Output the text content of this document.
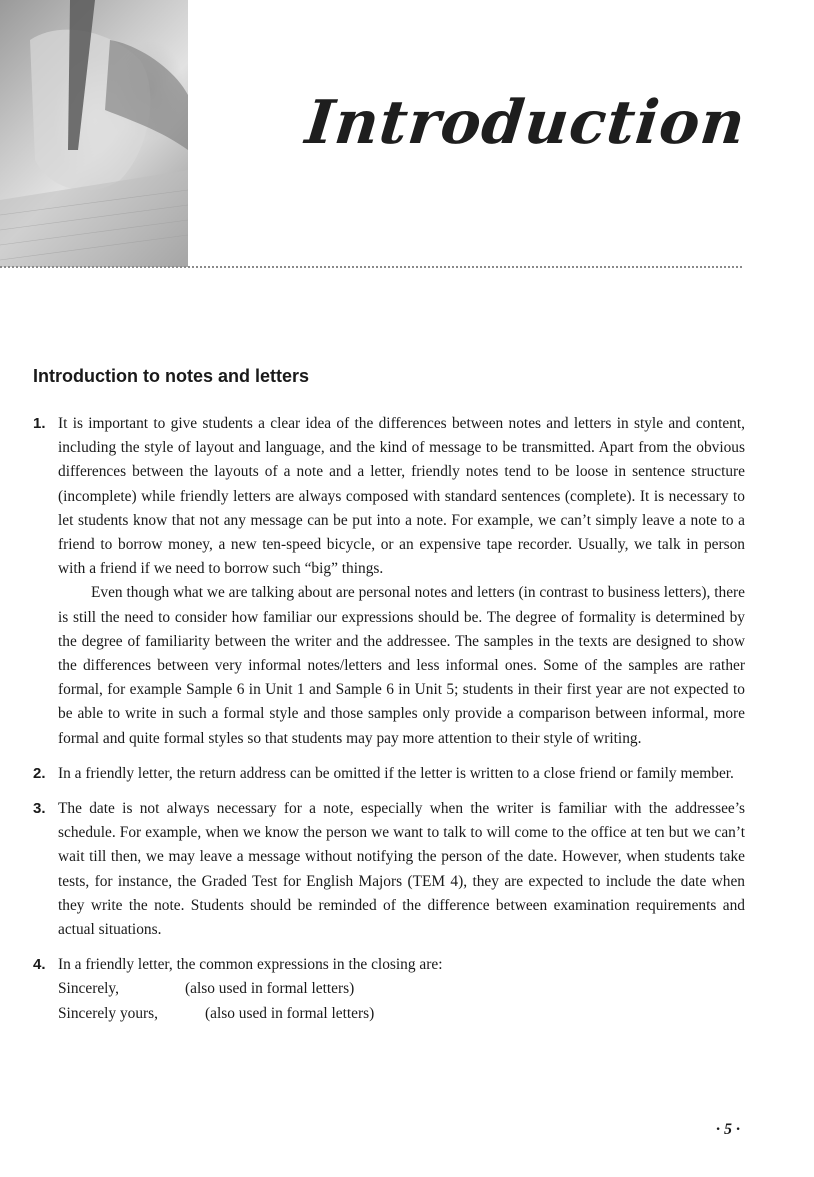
Introduction
Introduction to notes and letters
1. It is important to give students a clear idea of the differences between notes and letters in style and content, including the style of layout and language, and the kind of message to be transmitted. Apart from the obvious differences between the layouts of a note and a letter, friendly notes tend to be loose in sentence structure (incomplete) while friendly letters are always composed with standard sentences (complete). It is necessary to let students know that not any message can be put into a note. For example, we can’t simply leave a note to a friend to borrow money, a new ten-speed bicycle, or an expensive tape recorder. Usually, we talk in person with a friend if we need to borrow such “big” things.

Even though what we are talking about are personal notes and letters (in contrast to business letters), there is still the need to consider how familiar our expressions should be. The degree of formality is determined by the degree of familiarity between the writer and the addressee. The samples in the texts are designed to show the differences between very informal notes/letters and less informal ones. Some of the samples are rather formal, for example Sample 6 in Unit 1 and Sample 6 in Unit 5; students in their first year are not expected to be able to write in such a formal style and those samples only provide a comparison between informal, more formal and quite formal styles so that students may pay more attention to their style of writing.

2. In a friendly letter, the return address can be omitted if the letter is written to a close friend or family member.

3. The date is not always necessary for a note, especially when the writer is familiar with the addressee’s schedule. For example, when we know the person we want to talk to will come to the office at ten but we can’t wait till then, we may leave a message without notifying the person of the date. However, when students take tests, for instance, the Graded Test for English Majors (TEM 4), they are expected to include the date when they write the note. Students should be reminded of the difference between examination requirements and actual situations.

4. In a friendly letter, the common expressions in the closing are:

Sincerely,	(also used in formal letters)
Sincerely yours,	(also used in formal letters)
· 5 ·
